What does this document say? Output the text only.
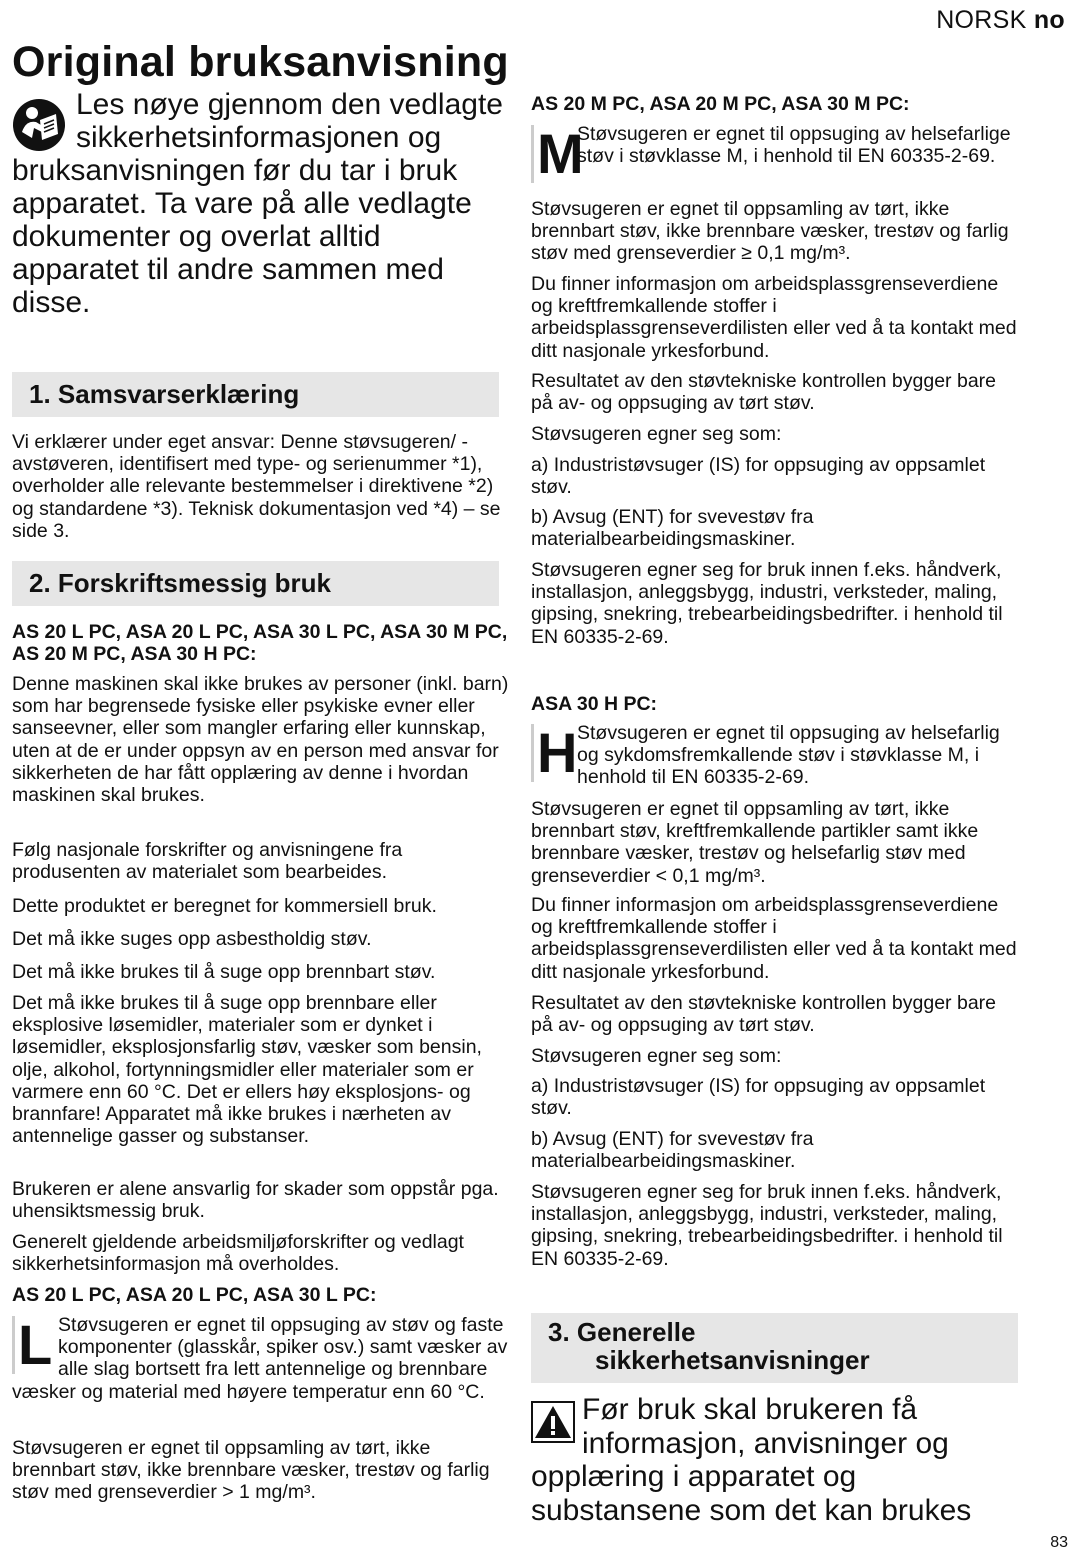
NORSK no
Original bruksanvisning
Les nøye gjennom den vedlagte sikkerhetsinformasjonen og bruksanvisningen før du tar i bruk apparatet. Ta vare på alle vedlagte dokumenter og overlat alltid apparatet til andre sammen med disse.
1. Samsvarserklæring

Vi erklærer under eget ansvar: Denne støvsugeren/ -avstøveren, identifisert med type- og serienummer *1), overholder alle relevante bestemmelser i direktivene *2) og standardene *3). Teknisk dokumentasjon ved *4) – se side 3.

2. Forskriftsmessig bruk

AS 20 L PC, ASA 20 L PC, ASA 30 L PC, ASA 30 M PC, AS 20 M PC, ASA 30 H PC:

Denne maskinen skal ikke brukes av personer (inkl. barn) som har begrensede fysiske eller psykiske evner eller sanseevner, eller som mangler erfaring eller kunnskap, uten at de er under oppsyn av en person med ansvar for sikkerheten de har fått opplæring av denne i hvordan maskinen skal brukes.

Følg nasjonale forskrifter og anvisningene fra produsenten av materialet som bearbeides.

Dette produktet er beregnet for kommersiell bruk.

Det må ikke suges opp asbestholdig støv.

Det må ikke brukes til å suge opp brennbart støv.

Det må ikke brukes til å suge opp brennbare eller eksplosive løsemidler, materialer som er dynket i løsemidler, eksplosjonsfarlig støv, væsker som bensin, olje, alkohol, fortynningsmidler eller materialer som er varmere enn 60 °C. Det er ellers høy eksplosjons- og brannfare! Apparatet må ikke brukes i nærheten av antennelige gasser og substanser.

Brukeren er alene ansvarlig for skader som oppstår pga. uhensiktsmessig bruk.

Generelt gjeldende arbeidsmiljøforskrifter og vedlagt sikkerhetsinformasjon må overholdes.

AS 20 L PC, ASA 20 L PC, ASA 30 L PC:

L Støvsugeren er egnet til oppsuging av støv og faste komponenter (glasskår, spiker osv.) samt væsker av alle slag bortsett fra lett antennelige og brennbare væsker og material med høyere temperatur enn 60 °C.

Støvsugeren er egnet til oppsamling av tørt, ikke brennbart støv, ikke brennbare væsker, trestøv og farlig støv med grenseverdier > 1 mg/m³.

AS 20 M PC, ASA 20 M PC, ASA 30 M PC:

M
Støvsugeren er egnet til oppsuging av helsefarlige støv i støvklasse M, i henhold til EN 60335-2-69.

Støvsugeren er egnet til oppsamling av tørt, ikke brennbart støv, ikke brennbare væsker, trestøv og farlig støv med grenseverdier ≥ 0,1 mg/m³.

Du finner informasjon om arbeidsplassgrenseverdiene og kreftfremkallende stoffer i arbeidsplassgrenseverdilisten eller ved å ta kontakt med ditt nasjonale yrkesforbund.

Resultatet av den støvtekniske kontrollen bygger bare på av- og oppsuging av tørt støv.

Støvsugeren egner seg som:

a) Industristøvsuger (IS) for oppsuging av oppsamlet støv.

b) Avsug (ENT) for svevestøv fra materialbearbeidingsmaskiner.

Støvsugeren egner seg for bruk innen f.eks. håndverk, installasjon, anleggsbygg, industri, verksteder, maling, gipsing, snekring, trebearbeidingsbedrifter. i henhold til EN 60335-2-69.

ASA 30 H PC:

H Støvsugeren er egnet til oppsuging av helsefarlig og sykdomsfremkallende støv i støvklasse M, i henhold til EN 60335-2-69.

Støvsugeren er egnet til oppsamling av tørt, ikke brennbart støv, kreftfremkallende partikler samt ikke brennbare væsker, trestøv og helsefarlig støv med grenseverdier < 0,1 mg/m³.

Du finner informasjon om arbeidsplassgrenseverdiene og kreftfremkallende stoffer i arbeidsplassgrenseverdilisten eller ved å ta kontakt med ditt nasjonale yrkesforbund.

Resultatet av den støvtekniske kontrollen bygger bare på av- og oppsuging av tørt støv.

Støvsugeren egner seg som:

a) Industristøvsuger (IS) for oppsuging av oppsamlet støv.

b) Avsug (ENT) for svevestøv fra materialbearbeidingsmaskiner.

Støvsugeren egner seg for bruk innen f.eks. håndverk, installasjon, anleggsbygg, industri, verksteder, maling, gipsing, snekring, trebearbeidingsbedrifter. i henhold til EN 60335-2-69.

3. Generelle
sikkerhetsanvisninger
Før bruk skal brukeren få informasjon, anvisninger og opplæring i apparatet og substansene som det kan brukes
83
